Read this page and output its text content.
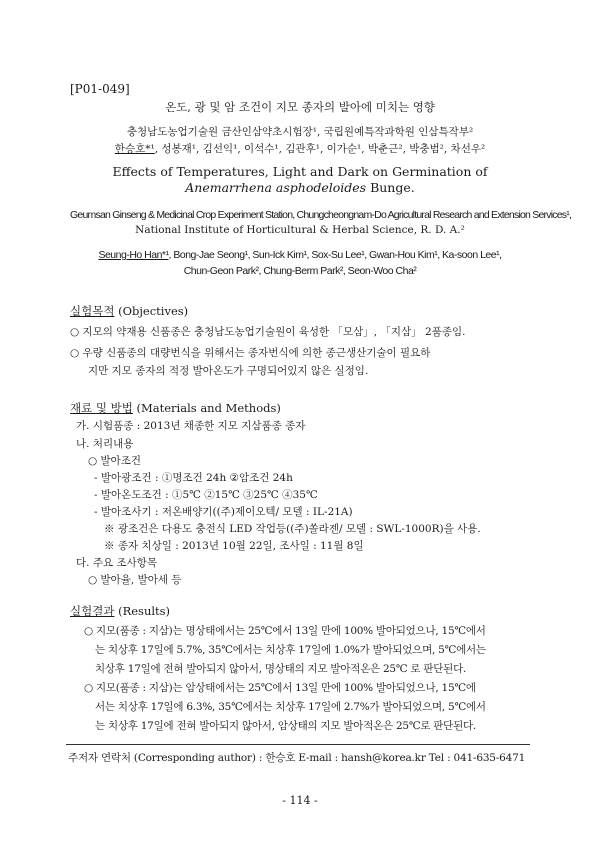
[P01-049]
온도, 광 및 암 조건이 지모 종자의 발아에 미치는 영향
충청남도농업기술원 금산인삼약초시험장¹, 국립원예특작과학원 인삼특작부²
한승호*¹, 성봉재¹, 김선익¹, 이석수¹, 김관후¹, 이가순¹, 박춘근², 박충범², 차선우²
Effects of Temperatures, Light and Dark on Germination of
Anemarrhena asphodeloides Bunge.
Geumsan Ginseng & Medicinal Crop Experiment Station, Chungcheongnam-Do Agricultural Research and Extension Services¹,
National Institute of Horticultural & Herbal Science, R. D. A.²
Seung-Ho Han*¹, Bong-Jae Seong¹, Sun-Ick Kim¹, Sox-Su Lee¹, Gwan-Hou Kim¹, Ka-soon Lee¹,
Chun-Geon Park², Chung-Berm Park², Seon-Woo Cha²
실험목적 (Objectives)
○ 지모의 약재용 신품종은 충청남도농업기술원이 육성한 「모삼」, 「지삼」 2품종임.
○ 우량 신품종의 대량번식을 위해서는 종자번식에 의한 종근생산기술이 필요하
지만 지모 종자의 적정 발아온도가 구명되어있지 않은 실정임.
재료 및 방법 (Materials and Methods)
가. 시험품종 : 2013년 채종한 지모 지삼품종 종자
나. 처리내용
○ 발아조건
- 발아광조건 : ①명조건 24h ②암조건 24h
- 발아온도조건 : ①5℃ ②15℃ ③25℃ ④35℃
- 발아조사기 : 저온배양기((주)제이오텍/ 모델 : IL-21A)
※ 광조건은 다용도 충전식 LED 작업등((주)쏠라젠/ 모델 : SWL-1000R)을 사용.
※ 종자 치상일 : 2013년 10월 22일, 조사일 : 11월 8일
다. 주요 조사항목
○ 발아율, 발아세 등
실험결과 (Results)
○ 지모(품종 : 지삼)는 명상태에서는 25℃에서 13일 만에 100% 발아되었으나, 15℃에서
는 치상후 17일에 5.7%, 35℃에서는 치상후 17일에 1.0%가 발아되었으며, 5℃에서는
치상후 17일에 전혀 발아되지 않아서, 명상태의 지모 발아적온은 25℃ 로 판단된다.
○ 지모(품종 : 지삼)는 암상태에서는 25℃에서 13일 만에 100% 발아되었으나, 15℃에
서는 치상후 17일에 6.3%, 35℃에서는 치상후 17일에 2.7%가 발아되었으며, 5℃에서
는 치상후 17일에 전혀 발아되지 않아서, 암상태의 지모 발아적온은 25℃로 판단된다.
주저자 연락처 (Corresponding author) : 한승호 E-mail : hansh@korea.kr Tel : 041-635-6471
- 114 -
